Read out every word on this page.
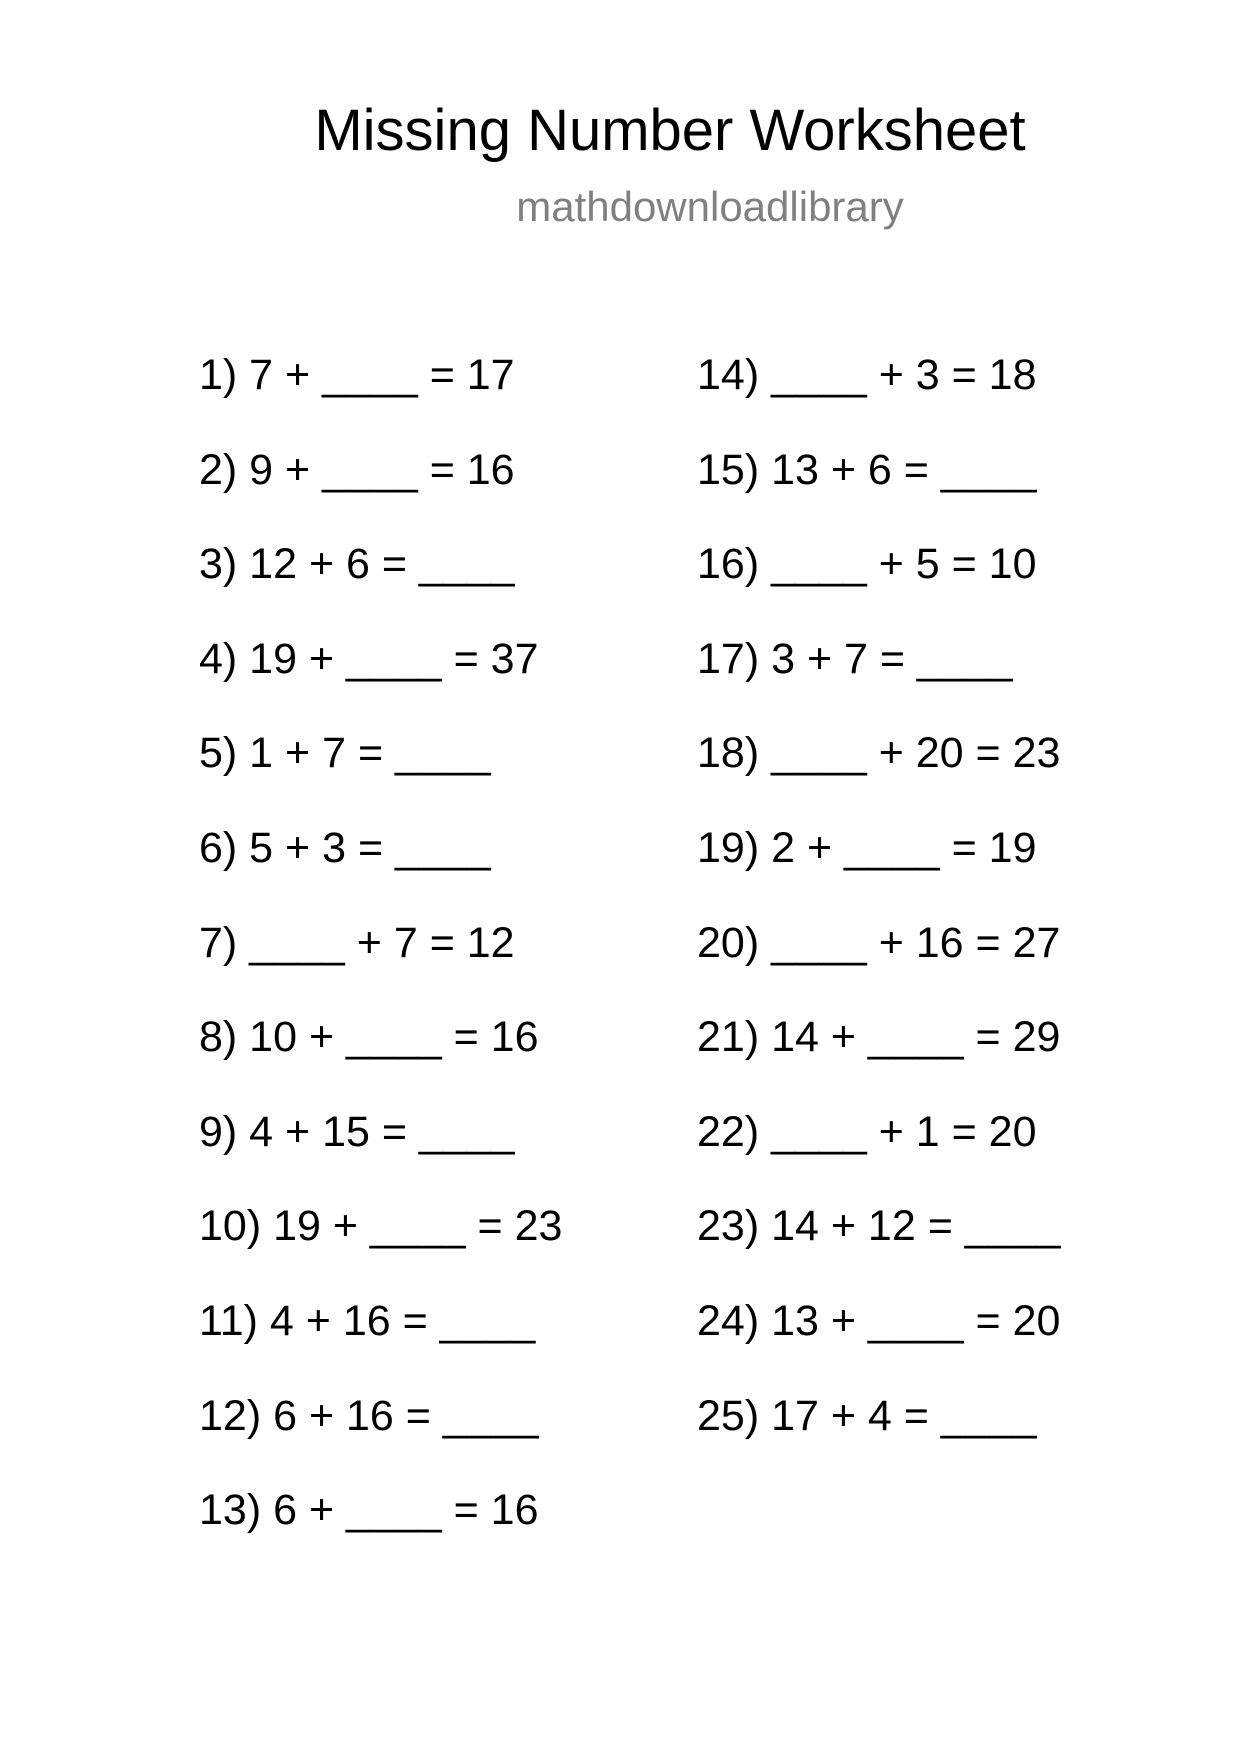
Missing Number Worksheet
mathdownloadlibrary
1) 7 + ____ = 17
2) 9 + ____ = 16
3) 12 + 6 = ____
4) 19 + ____ = 37
5) 1 + 7 = ____
6) 5 + 3 = ____
7) ____ + 7 = 12
8) 10 + ____ = 16
9) 4 + 15 = ____
10) 19 + ____ = 23
11) 4 + 16 = ____
12) 6 + 16 = ____
13) 6 + ____ = 16
14) ____ + 3 = 18
15) 13 + 6 = ____
16) ____ + 5 = 10
17) 3 + 7 = ____
18) ____ + 20 = 23
19) 2 + ____ = 19
20) ____ + 16 = 27
21) 14 + ____ = 29
22) ____ + 1 = 20
23) 14 + 12 = ____
24) 13 + ____ = 20
25) 17 + 4 = ____
